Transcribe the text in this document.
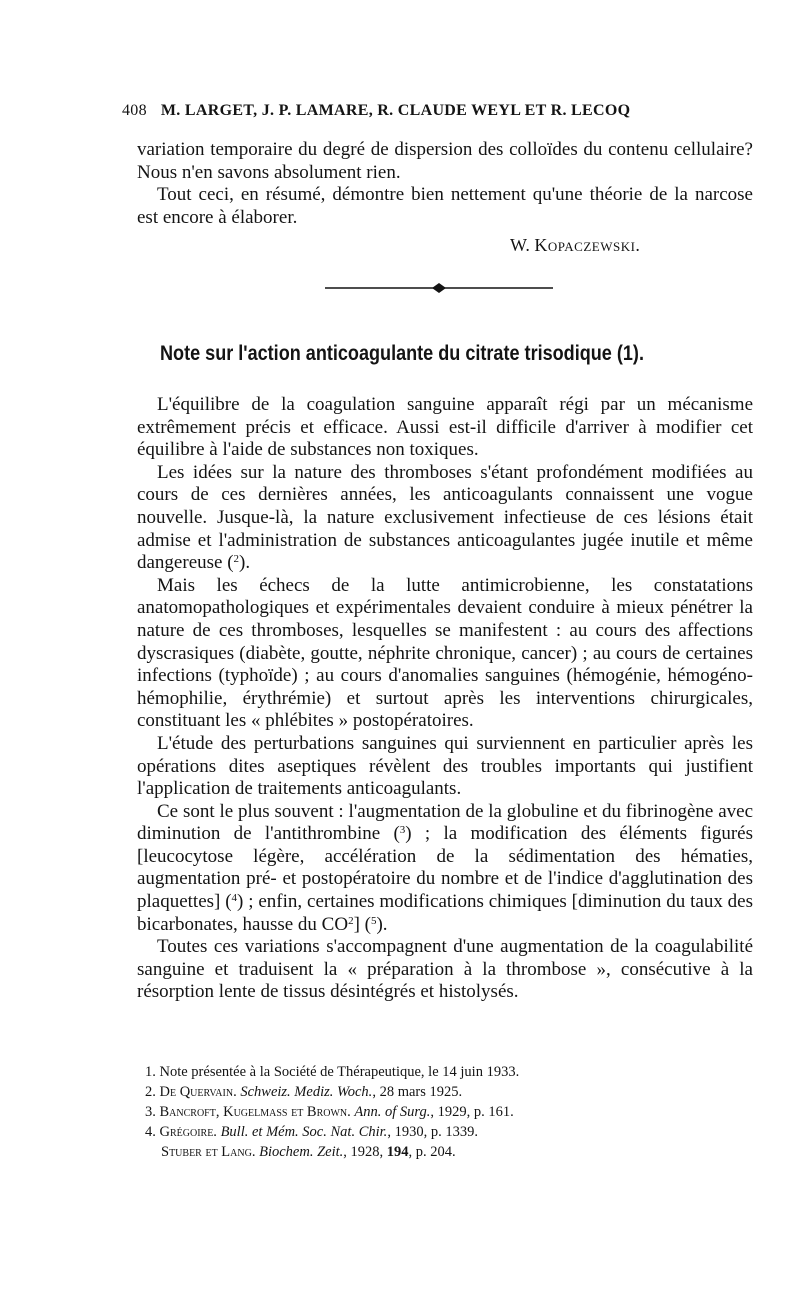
408 M. LARGET, J. P. LAMARE, R. CLAUDE WEYL ET R. LECOQ

variation temporaire du degré de dispersion des colloïdes du contenu cellulaire? Nous n'en savons absolument rien.

Tout ceci, en résumé, démontre bien nettement qu'une théorie de la narcose est encore à élaborer.

W. Kopaczewski.
Note sur l'action anticoagulante du citrate trisodique (1).

L'équilibre de la coagulation sanguine apparaît régi par un mécanisme extrêmement précis et efficace. Aussi est-il difficile d'arriver à modifier cet équilibre à l'aide de substances non toxiques.

Les idées sur la nature des thromboses s'étant profondément modifiées au cours de ces dernières années, les anticoagulants connaissent une vogue nouvelle. Jusque-là, la nature exclusivement infectieuse de ces lésions était admise et l'administration de substances anticoagulantes jugée inutile et même dangereuse ($^2$).

Mais les échecs de la lutte antimicrobienne, les constatations anatomopathologiques et expérimentales devaient conduire à mieux pénétrer la nature de ces thromboses, lesquelles se manifestent : au cours des affections dyscrasiques (diabète, goutte, néphrite chronique, cancer) ; au cours de certaines infections (typhoïde) ; au cours d'anomalies sanguines (hémogénie, hémogéno-hémophilie, érythrémie) et surtout après les interventions chirurgicales, constituant les « phlébites » postopératoires.

L'étude des perturbations sanguines qui surviennent en particulier après les opérations dites aseptiques révèlent des troubles importants qui justifient l'application de traitements anticoagulants.

Ce sont le plus souvent : l'augmentation de la globuline et du fibrinogène avec diminution de l'antithrombine ($^3$) ; la modification des éléments figurés [leucocytose légère, accélération de la sédimentation des hématies, augmentation pré- et postopératoire du nombre et de l'indice d'agglutination des plaquettes] ($^4$) ; enfin, certaines modifications chimiques [diminution du taux des bicarbonates, hausse du $CO^2$] ($^5$).

Toutes ces variations s'accompagnent d'une augmentation de la coagulabilité sanguine et traduisent la « préparation à la thrombose », consécutive à la résorption lente de tissus désintégrés et histolysés.

1. Note présentée à la Société de Thérapeutique, le 14 juin 1933.
2. De Quervain. Schweiz. Mediz. Woch., 28 mars 1925.
3. Bancroft, Kugelmass et Brown. Ann. of Surg., 1929, p. 161.
4. Grégoire. Bull. et Mém. Soc. Nat. Chir., 1930, p. 1339.
Stuber et Lang. Biochem. Zeit., 1928, 194, p. 204.
